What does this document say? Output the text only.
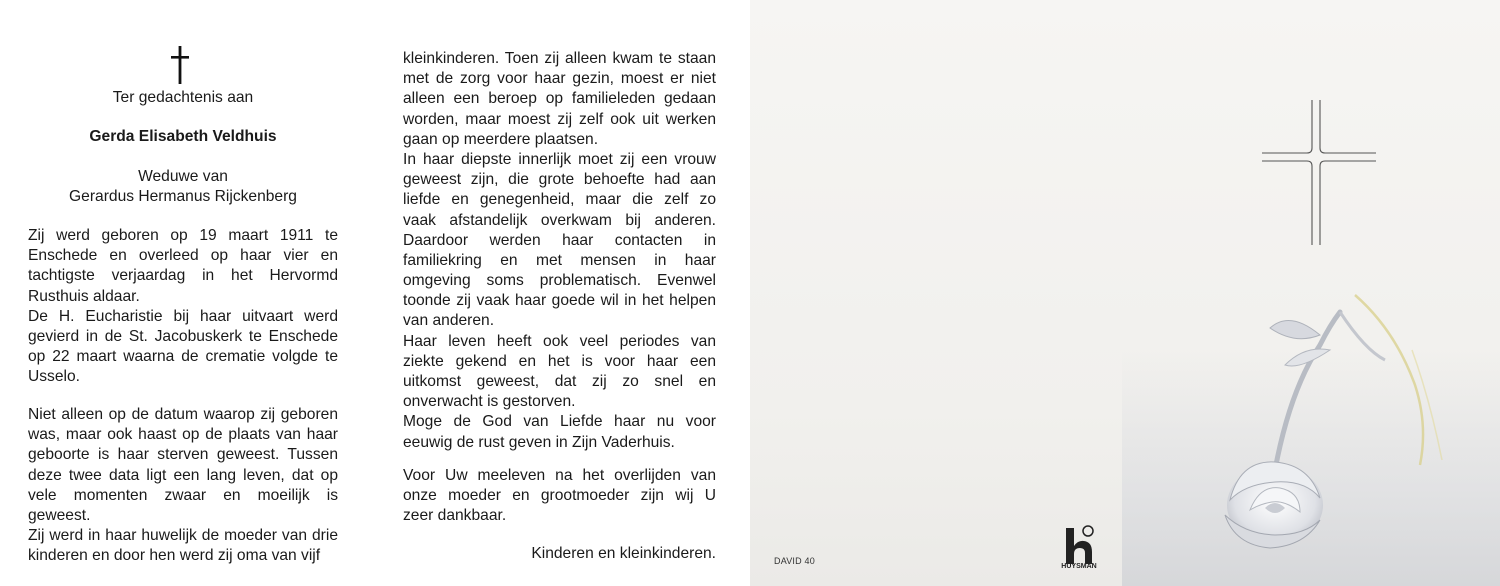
Ter gedachtenis aan
Gerda Elisabeth Veldhuis
Weduwe van
Gerardus Hermanus Rijckenberg
Zij werd geboren op 19 maart 1911 te
Enschede en overleed op haar vier en
tachtigste verjaardag in het Hervormd
Rusthuis aldaar.
De H. Eucharistie bij haar uitvaart werd
gevierd in de St. Jacobuskerk te Enschede
op 22 maart waarna de crematie volgde te
Usselo.
Niet alleen op de datum waarop zij geboren
was, maar ook haast op de plaats van haar
geboorte is haar sterven geweest. Tussen
deze twee data ligt een lang leven, dat op
vele momenten zwaar en moeilijk is
geweest.
Zij werd in haar huwelijk de moeder van drie
kinderen en door hen werd zij oma van vijf
kleinkinderen. Toen zij alleen kwam te staan
met de zorg voor haar gezin, moest er niet
alleen een beroep op familieleden gedaan
worden, maar moest zij zelf ook uit werken
gaan op meerdere plaatsen.
In haar diepste innerlijk moet zij een vrouw
geweest zijn, die grote behoefte had aan
liefde en genegenheid, maar die zelf zo
vaak afstandelijk overkwam bij anderen.
Daardoor werden haar contacten in
familiekring en met mensen in haar
omgeving soms problematisch. Evenwel
toonde zij vaak haar goede wil in het helpen
van anderen.
Haar leven heeft ook veel periodes van
ziekte gekend en het is voor haar een
uitkomst geweest, dat zij zo snel en
onverwacht is gestorven.
Moge de God van Liefde haar nu voor
eeuwig de rust geven in Zijn Vaderhuis.
Voor Uw meeleven na het overlijden van
onze moeder en grootmoeder zijn wij U
zeer dankbaar.
Kinderen en kleinkinderen.	DAVID 40
HUYSMAN
